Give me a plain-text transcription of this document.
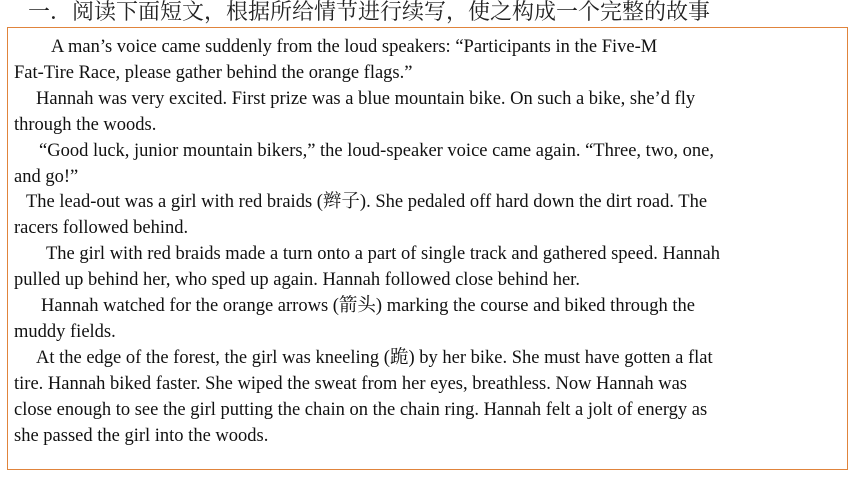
一．阅读下面短文，根据所给情节进行续写，使之构成一个完整的故事
A man’s voice came suddenly from the loud speakers: “Participants in the Five-M
Fat-Tire Race, please gather behind the orange flags.”
Hannah was very excited. First prize was a blue mountain bike. On such a bike, she’d fly
through the woods.
“Good luck, junior mountain bikers,” the loud-speaker voice came again. “Three, two, one,
and go!”
The lead-out was a girl with red braids (辫子). She pedaled off hard down the dirt road. The
racers followed behind.
The girl with red braids made a turn onto a part of single track and gathered speed. Hannah
pulled up behind her, who sped up again. Hannah followed close behind her.
Hannah watched for the orange arrows (箭头) marking the course and biked through the
muddy fields.
At the edge of the forest, the girl was kneeling (跪) by her bike. She must have gotten a flat
tire. Hannah biked faster. She wiped the sweat from her eyes, breathless. Now Hannah was
close enough to see the girl putting the chain on the chain ring. Hannah felt a jolt of energy as
she passed the girl into the woods.
